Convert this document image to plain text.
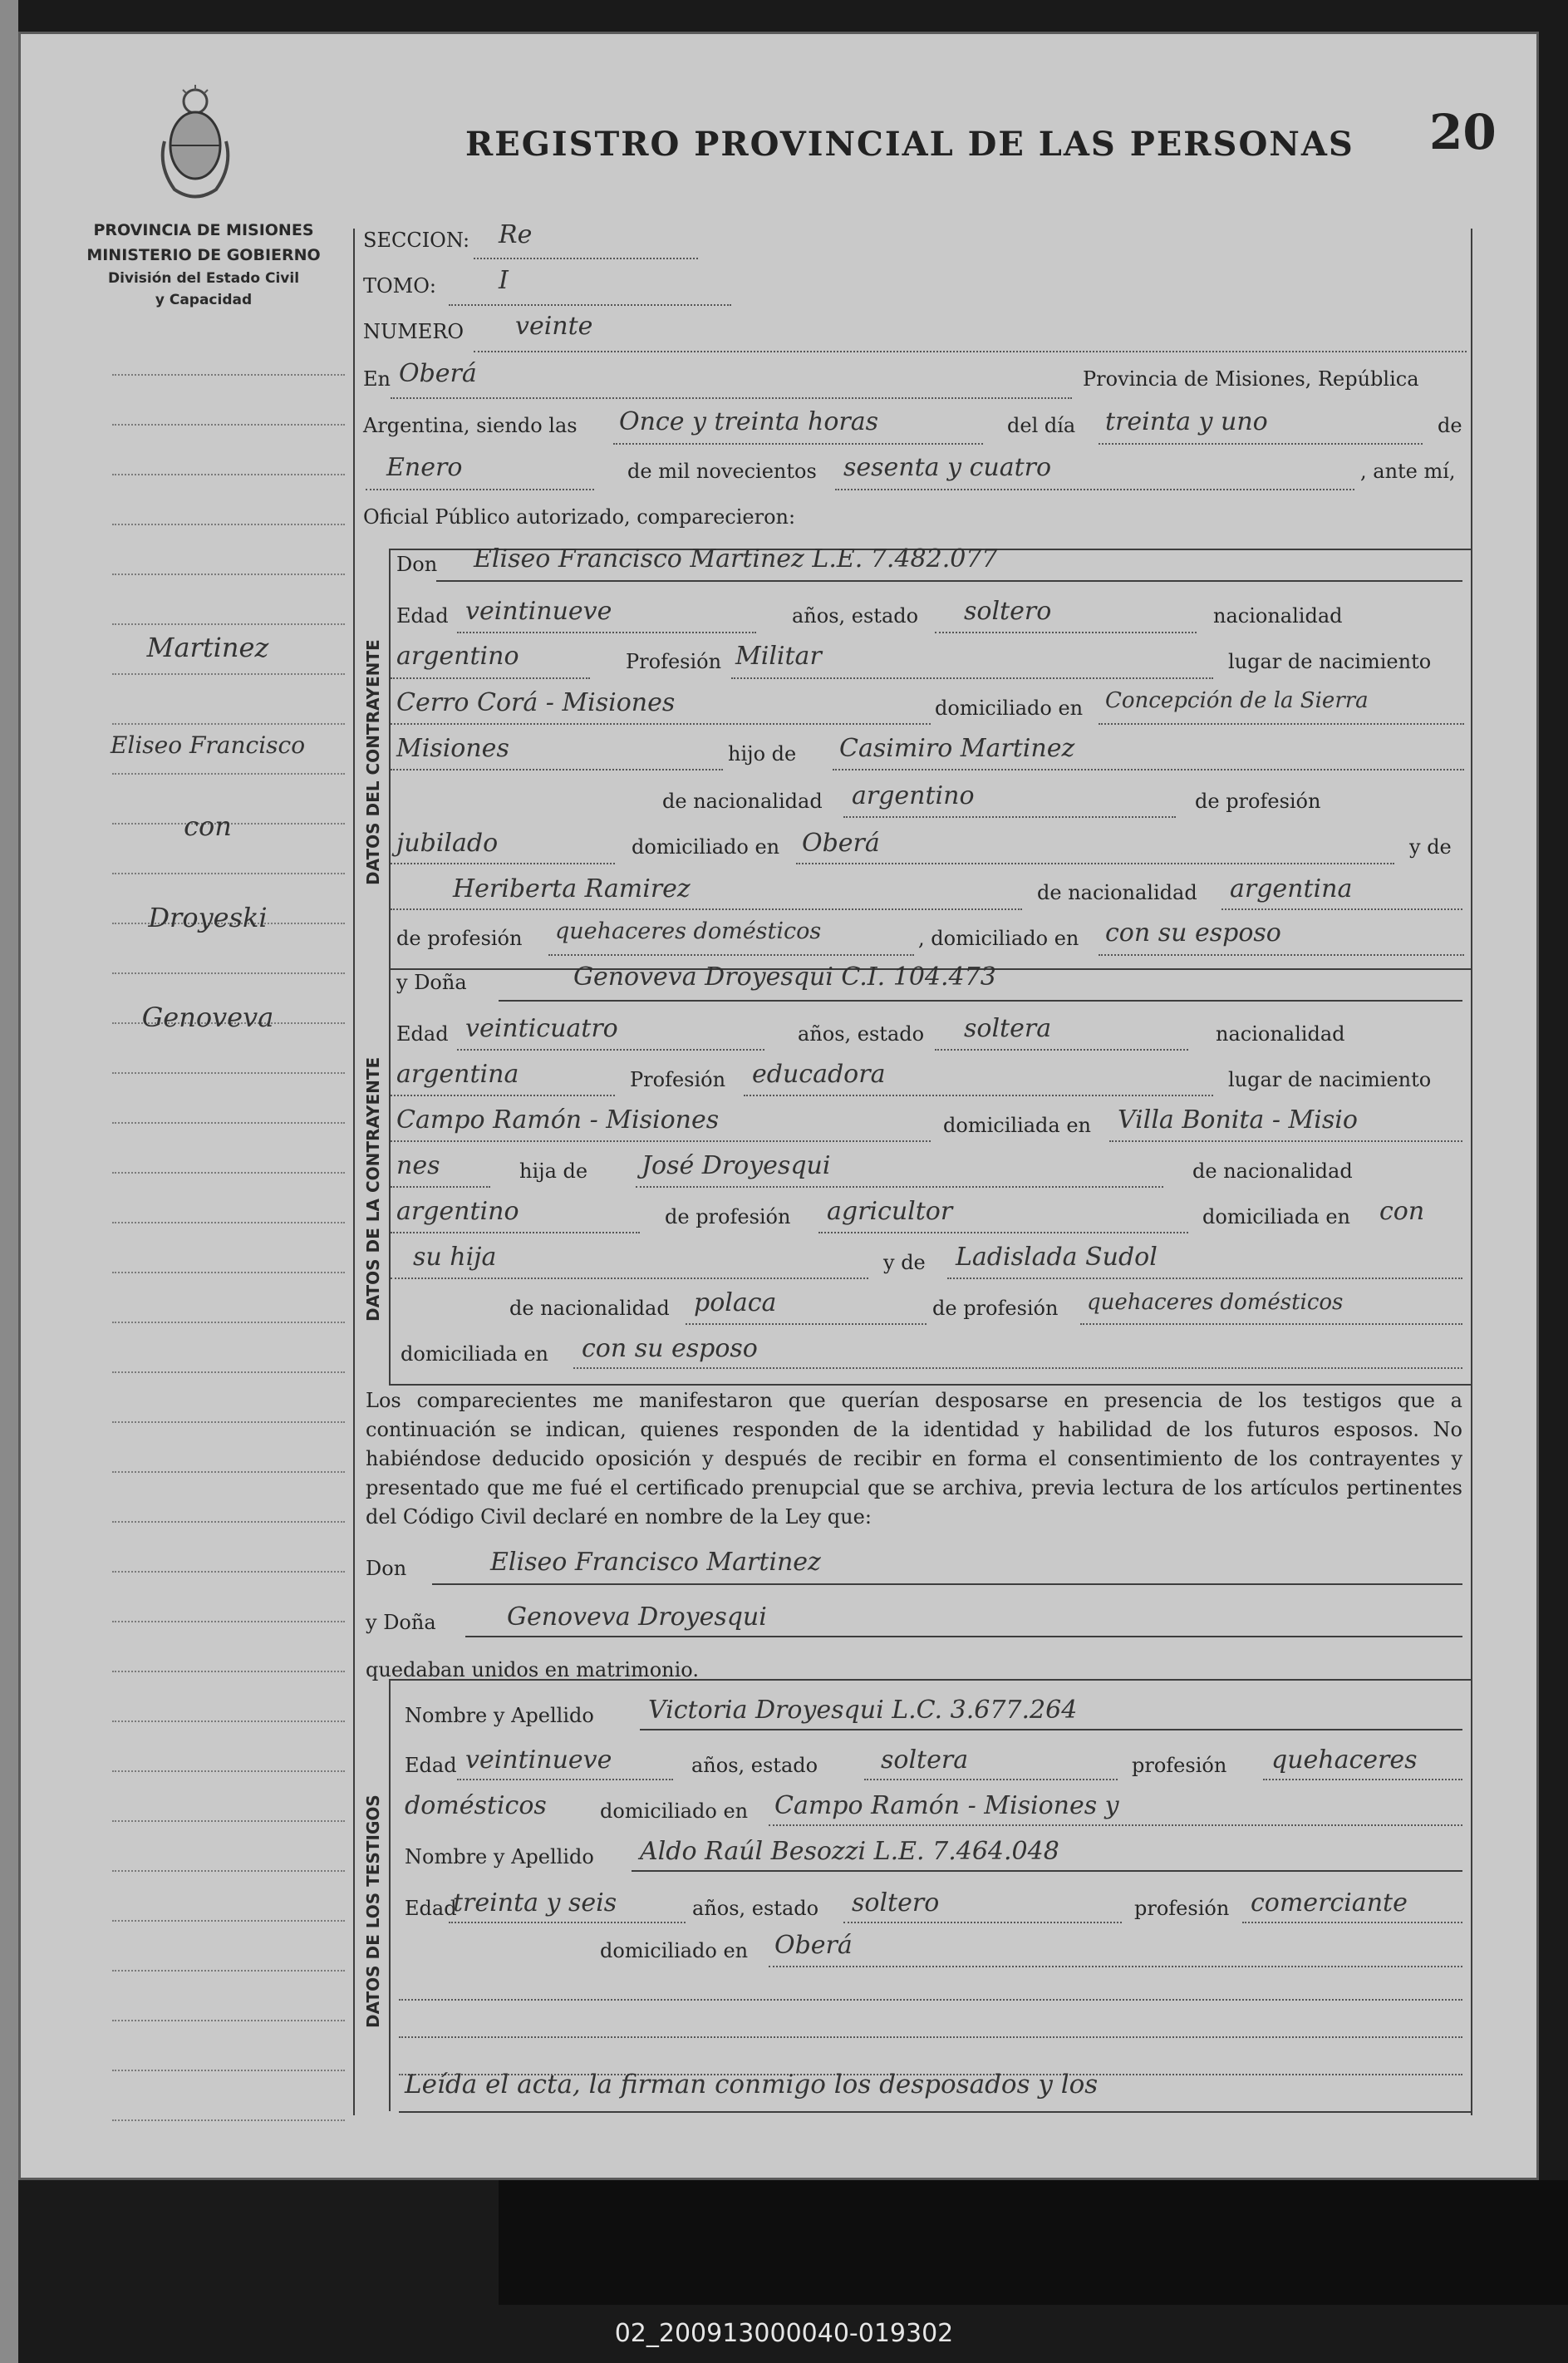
20
REGISTRO PROVINCIAL DE LAS PERSONAS
PROVINCIA DE MISIONES
MINISTERIO DE GOBIERNO
División del Estado Civil
y Capacidad
Martinez
Eliseo Francisco
con
Droyeski
Genoveva
DATOS DEL CONTRAYENTE
DATOS DE LA CONTRAYENTE
DATOS DE LOS TESTIGOS
SECCION: Re
TOMO: I
NUMERO veinte
En Oberá	Provincia de Misiones, República
Argentina, siendo las Once y treinta horas	del día treinta y uno	de
Enero	de mil novecientos sesenta y cuatro	, ante mí,
Oficial Público autorizado, comparecieron:
Don Eliseo Francisco Martinez L.E. 7.482.077
Edad veintinueve	años, estado soltero	nacionalidad
argentino	Profesión Militar	lugar de nacimiento
Cerro Corá - Misiones	domiciliado en Concepción de la Sierra
Misiones	hijo de Casimiro Martinez
de nacionalidad argentino	de profesión
jubilado	domiciliado en Oberá	y de
Heriberta Ramirez	de nacionalidad argentina
de profesión quehaceres domésticos	, domiciliado en con su esposo
y Doña	Genoveva Droyesqui C.I. 104.473
Edad veinticuatro	años, estado soltera	nacionalidad
argentina	Profesión educadora	lugar de nacimiento
Campo Ramón - Misiones	domiciliada en Villa Bonita - Misio
nes	hija de José Droyesqui	de nacionalidad
argentino	de profesión agricultor	domiciliada en con
su hija	y de Ladislada Sudol
de nacionalidad polaca	de profesión quehaceres domésticos
domiciliada en con su esposo
Los comparecientes me manifestaron que querían desposarse en presencia de los testigos que a continuación se indican, quienes responden de la identidad y habilidad de los futuros esposos. No habiéndose deducido oposición y después de recibir en forma el consentimiento de los contrayentes y presentado que me fué el certificado prenupcial que se archiva, previa lectura de los artículos pertinentes del Código Civil declaré en nombre de la Ley que:
Don	Eliseo Francisco Martinez
y Doña	Genoveva Droyesqui
quedaban unidos en matrimonio.
Nombre y Apellido Victoria Droyesqui L.C. 3.677.264
Edad veintinueve	años, estado	soltera	profesión quehaceres
domésticos	domiciliado en Campo Ramón - Misiones y
Nombre y Apellido Aldo Raúl Besozzi L.E. 7.464.048
Edad
treinta y seis	años, estado soltero	profesión comerciante
domiciliado en Oberá
Leída el acta, la firman conmigo los desposados y los
02_200913000040-019302
